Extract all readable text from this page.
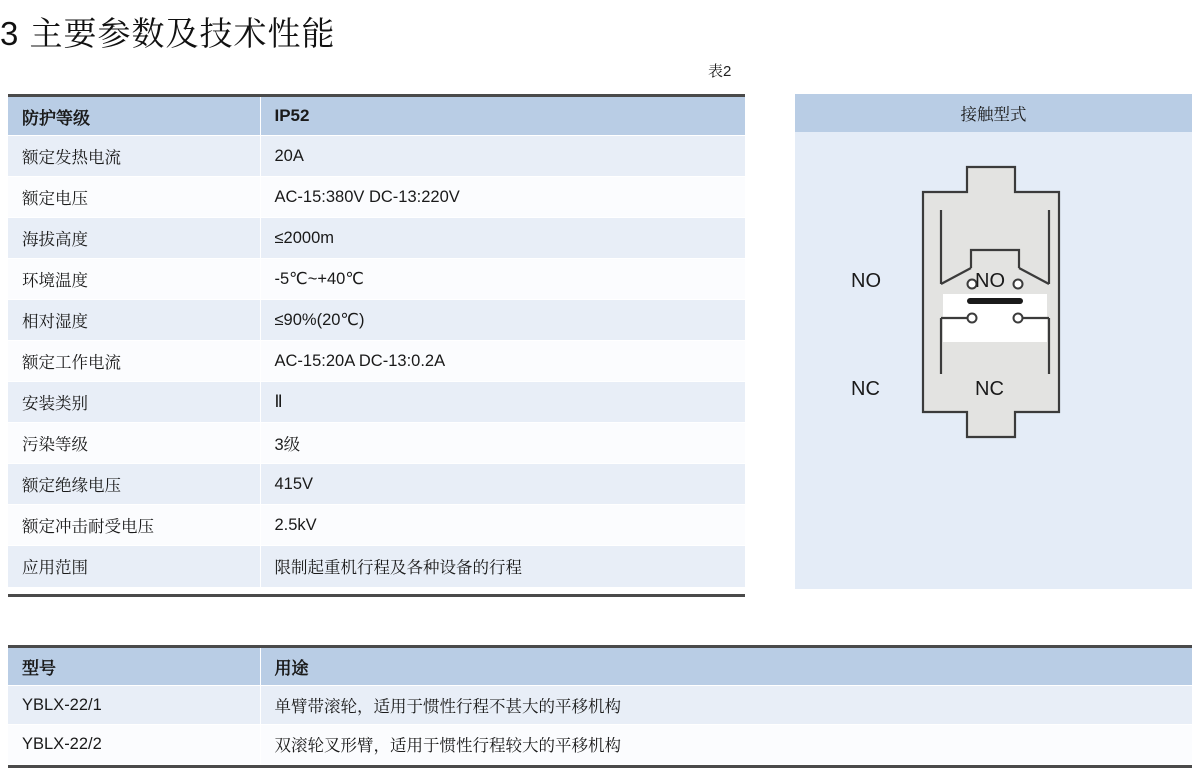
3 主要参数及技术性能
表2
防护等级	IP52
额定发热电流	20A
额定电压	AC-15:380V DC-13:220V
海拔高度	≤2000m
环境温度	-5℃~+40℃
相对湿度	≤90%(20℃)
额定工作电流	AC-15:20A DC-13:0.2A
安装类别	Ⅱ
污染等级	3级
额定绝缘电压	415V
额定冲击耐受电压	2.5kV
应用范围	限制起重机行程及各种设备的行程
接触型式
NO	NO
NC	NC
型号	用途
YBLX-22/1	单臂带滚轮，适用于惯性行程不甚大的平移机构
YBLX-22/2	双滚轮叉形臂，适用于惯性行程较大的平移机构
